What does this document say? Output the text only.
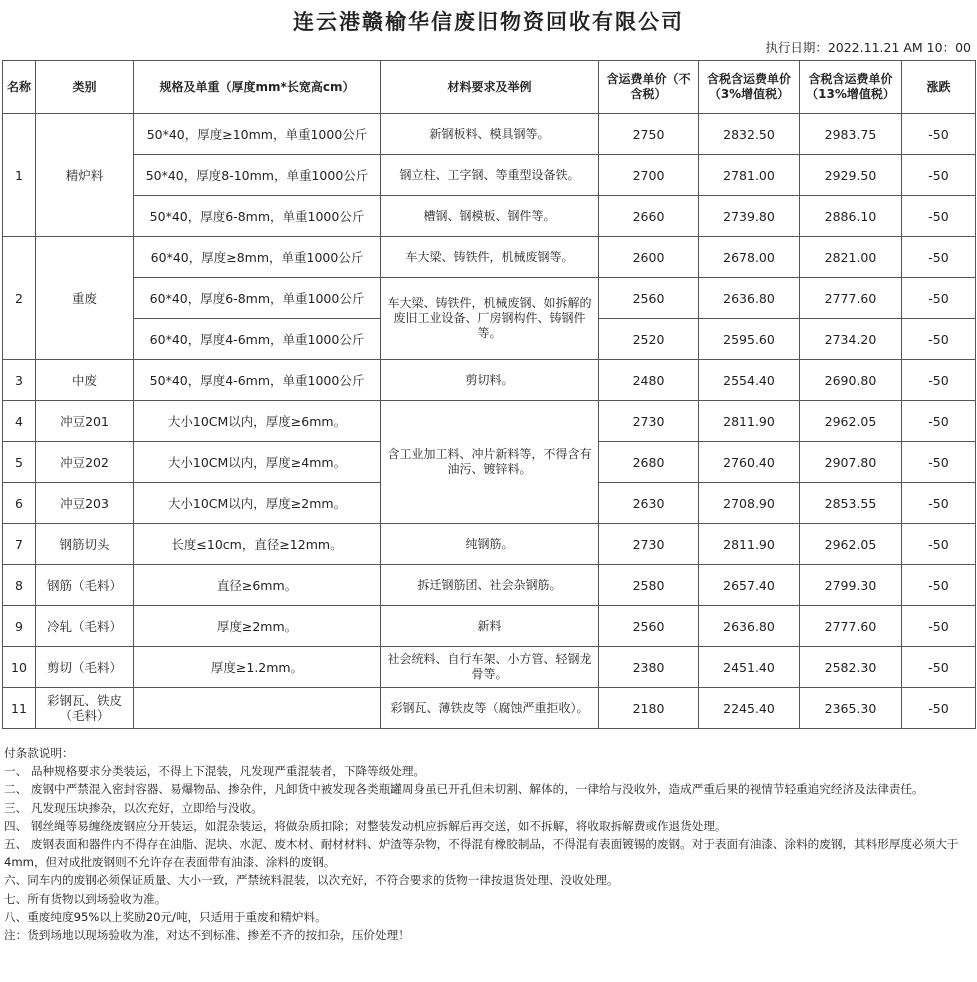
连云港赣榆华信废旧物资回收有限公司
执行日期：2022.11.21 AM 10：00
名称	类别	规格及单重（厚度mm*长宽高cm）	材料要求及举例	含运费单价（不含税）	含税含运费单价（3%增值税）	含税含运费单价（13%增值税）	涨跌
1	精炉料	50*40，厚度≥10mm，单重1000公斤	新钢板料、模具钢等。	2750	2832.50	2983.75	-50
		50*40，厚度8-10mm，单重1000公斤	钢立柱、工字钢、等重型设备铁。	2700	2781.00	2929.50	-50
		50*40，厚度6-8mm，单重1000公斤	槽钢、钢模板、钢件等。	2660	2739.80	2886.10	-50
2	重废	60*40，厚度≥8mm，单重1000公斤	车大梁、铸铁件，机械废钢等。	2600	2678.00	2821.00	-50
		60*40，厚度6-8mm，单重1000公斤	车大梁、铸铁件，机械废钢、如拆解的废旧工业设备、厂房钢构件、铸钢件等。	2560	2636.80	2777.60	-50
		60*40，厚度4-6mm，单重1000公斤		2520	2595.60	2734.20	-50
3	中废	50*40，厚度4-6mm，单重1000公斤	剪切料。	2480	2554.40	2690.80	-50
4	冲豆201	大小10CM以内，厚度≥6mm。	含工业加工料、冲片新料等，不得含有油污、镀锌料。	2730	2811.90	2962.05	-50
5	冲豆202	大小10CM以内，厚度≥4mm。		2680	2760.40	2907.80	-50
6	冲豆203	大小10CM以内，厚度≥2mm。		2630	2708.90	2853.55	-50
7	钢筋切头	长度≤10cm，直径≥12mm。	纯钢筋。	2730	2811.90	2962.05	-50
8	钢筋（毛料）	直径≥6mm。	拆迁钢筋团、社会杂钢筋。	2580	2657.40	2799.30	-50
9	冷轧（毛料）	厚度≥2mm。	新料	2560	2636.80	2777.60	-50
10	剪切（毛料）	厚度≥1.2mm。	社会统料、自行车架、小方管、轻钢龙骨等。	2380	2451.40	2582.30	-50
11	彩钢瓦、铁皮（毛料）		彩钢瓦、薄铁皮等（腐蚀严重拒收）。	2180	2245.40	2365.30	-50
付条款说明：
一、 品种规格要求分类装运，不得上下混装，凡发现严重混装者，下降等级处理。
二、 废钢中严禁混入密封容器、易爆物品、掺杂件，凡卸货中被发现各类瓶罐周身虽已开孔但未切割、解体的，一律给与没收外，造成严重后果的视情节轻重追究经济及法律责任。
三、 凡发现压块掺杂，以次充好，立即给与没收。
四、 钢丝绳等易缠绕废钢应分开装运，如混杂装运，将做杂质扣除；对整装发动机应拆解后再交送，如不拆解，将收取拆解费或作退货处理。
五、 废钢表面和器件内不得存在油脂、泥块、水泥、废木材、耐材材料、炉渣等杂物，不得混有橡胶制品，不得混有表面镀锡的废钢。对于表面有油漆、涂料的废钢，其料形厚度必须大于4mm，但对成批废钢则不允许存在表面带有油漆、涂料的废钢。
六、同车内的废钢必须保证质量、大小一致，严禁统料混装，以次充好，不符合要求的货物一律按退货处理、没收处理。
七、所有货物以到场验收为准。
八、重废纯度95%以上奖励20元/吨，只适用于重废和精炉料。
注：货到场地以现场验收为准，对达不到标准、掺差不齐的按扣杂，压价处理！
